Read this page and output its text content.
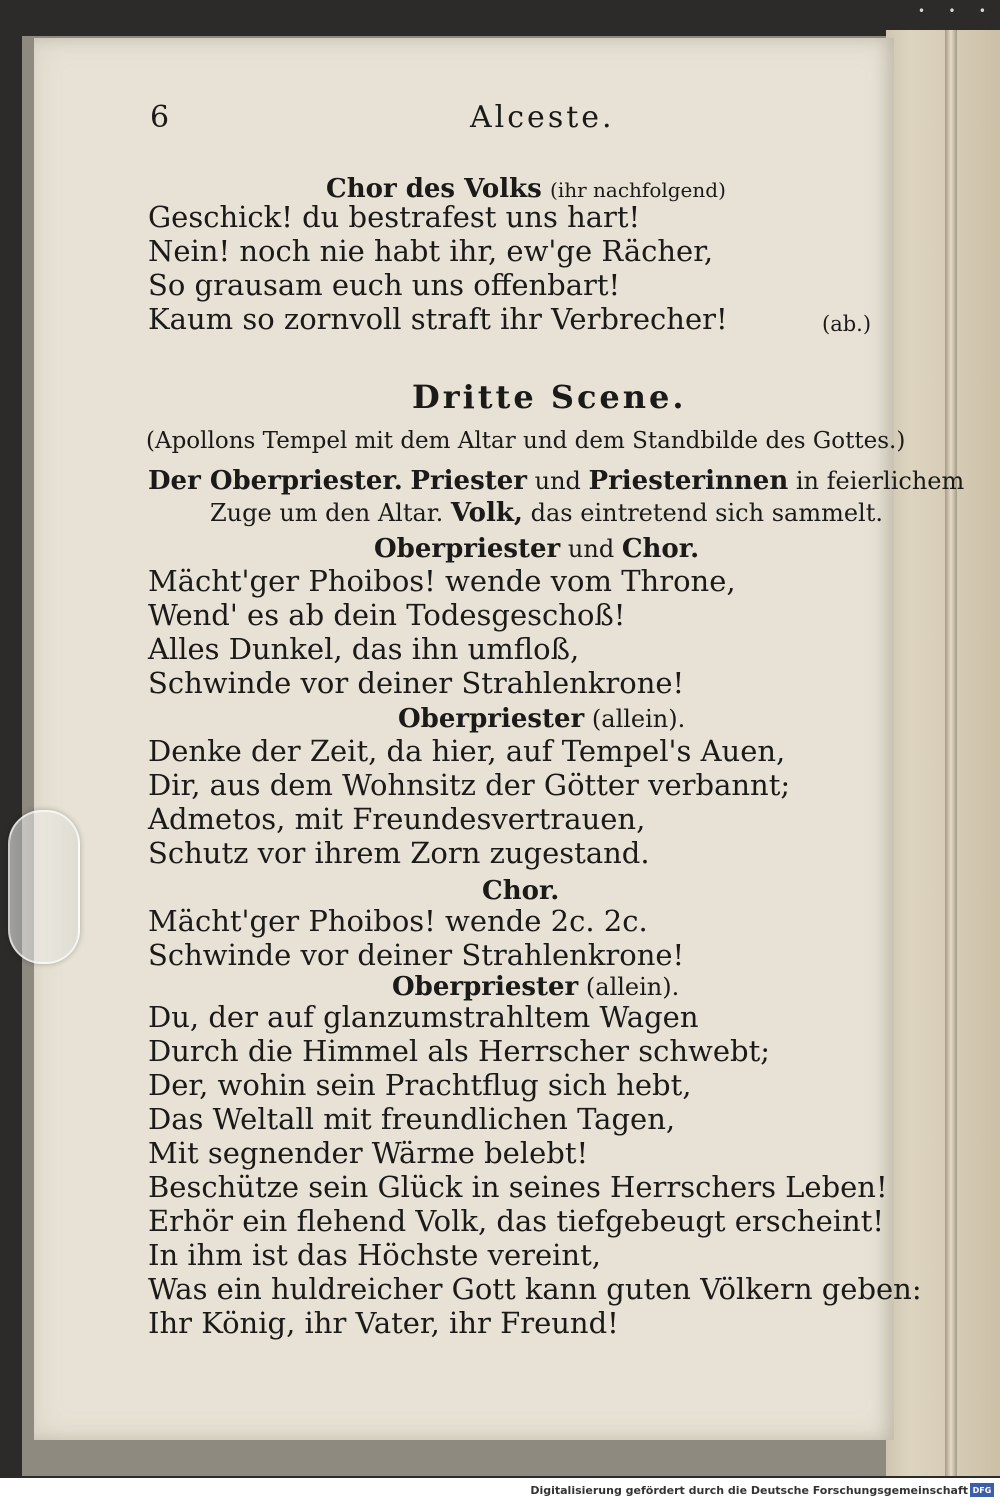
• • •
6	Alceste.
Chor des Volks (ihr nachfolgend)
Geschick! du bestrafest uns hart!
Nein! noch nie habt ihr, ew'ge Rächer,
So grausam euch uns offenbart!
Kaum so zornvoll straft ihr Verbrecher!	(ab.)
Dritte Scene.
(Apollons Tempel mit dem Altar und dem Standbilde des Gottes.)
Der Oberpriester. Priester und Priesterinnen in feierlichem
Zuge um den Altar. Volk, das eintretend sich sammelt.
Oberpriester und Chor.
Mächt'ger Phoibos! wende vom Throne,
Wend' es ab dein Todesgeschoß!
Alles Dunkel, das ihn umfloß,
Schwinde vor deiner Strahlenkrone!
Oberpriester (allein).
Denke der Zeit, da hier, auf Tempel's Auen,
Dir, aus dem Wohnsitz der Götter verbannt;
Admetos, mit Freundesvertrauen,
Schutz vor ihrem Zorn zugestand.
Chor.
Mächt'ger Phoibos! wende 2c. 2c.
Schwinde vor deiner Strahlenkrone!
Oberpriester (allein).
Du, der auf glanzumstrahltem Wagen
Durch die Himmel als Herrscher schwebt;
Der, wohin sein Prachtflug sich hebt,
Das Weltall mit freundlichen Tagen,
Mit segnender Wärme belebt!
Beschütze sein Glück in seines Herrschers Leben!
Erhör ein flehend Volk, das tiefgebeugt erscheint!
In ihm ist das Höchste vereint,
Was ein huldreicher Gott kann guten Völkern geben:
Ihr König, ihr Vater, ihr Freund!
Digitalisierung gefördert durch die Deutsche Forschungsgemeinschaft DFG
